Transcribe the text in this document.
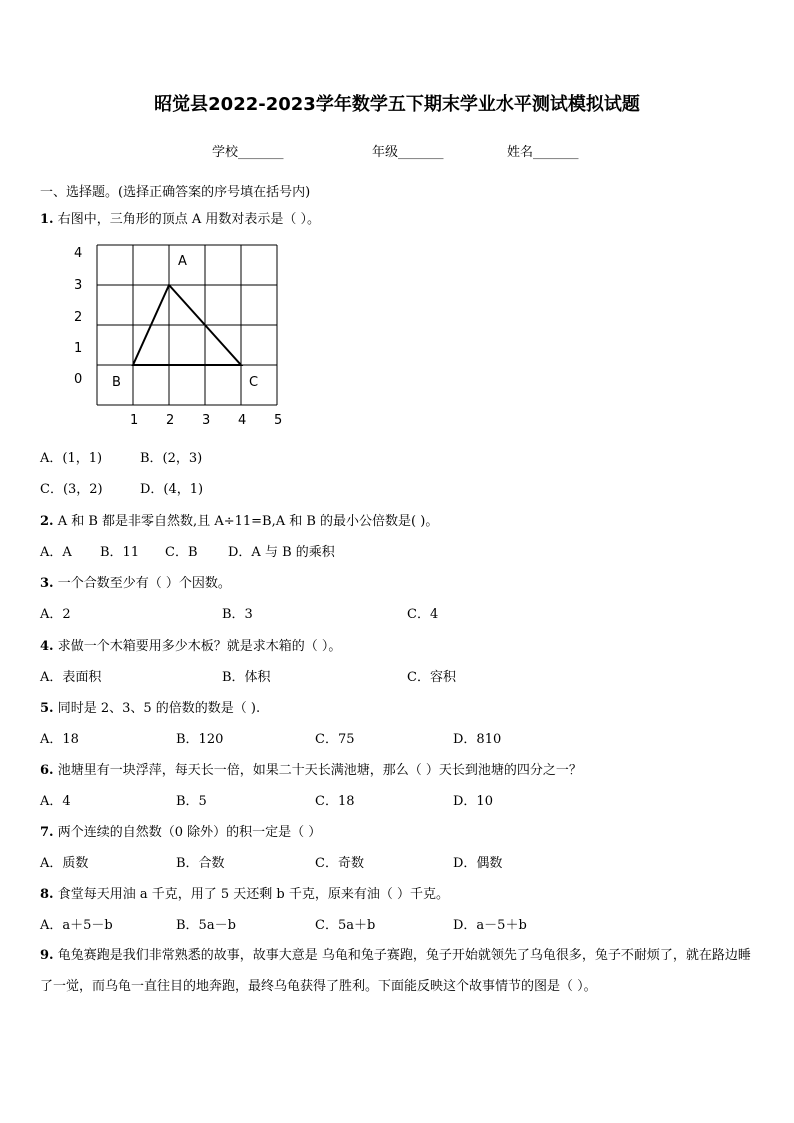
昭觉县2022-2023学年数学五下期末学业水平测试模拟试题
学校_______	年级_______	姓名_______
一、选择题。(选择正确答案的序号填在括号内)
1. 右图中，三角形的顶点 A 用数对表示是（ ）。
4
3
2
1
0
1 2 3 4 5
A
B	C
A．(1，1)	B．(2，3)
C．(3，2)	D．(4，1)
2. A 和 B 都是非零自然数,且 A÷11=B,A 和 B 的最小公倍数是( )。
A．A B．11 C．B D．A 与 B 的乘积
3. 一个合数至少有（ ）个因数。
A．2	B．3	C．4
4. 求做一个木箱要用多少木板？就是求木箱的（ ）。
A．表面积	B．体积	C．容积
5. 同时是 2、3、5 的倍数的数是（ ).
A．18	B．120	C．75	D．810
6. 池塘里有一块浮萍，每天长一倍，如果二十天长满池塘，那么（ ）天长到池塘的四分之一？
A．4	B．5	C．18	D．10
7. 两个连续的自然数（0 除外）的积一定是（ ）
A．质数	B．合数	C．奇数	D．偶数
8. 食堂每天用油 a 千克，用了 5 天还剩 b 千克，原来有油（ ）千克。
A．a＋5－b	B．5a－b	C．5a＋b	D．a－5＋b
9. 龟兔赛跑是我们非常熟悉的故事，故事大意是 乌龟和兔子赛跑，兔子开始就领先了乌龟很多，兔子不耐烦了，就在路边睡了一觉，而乌龟一直往目的地奔跑，最终乌龟获得了胜利。下面能反映这个故事情节的图是（ ）。
